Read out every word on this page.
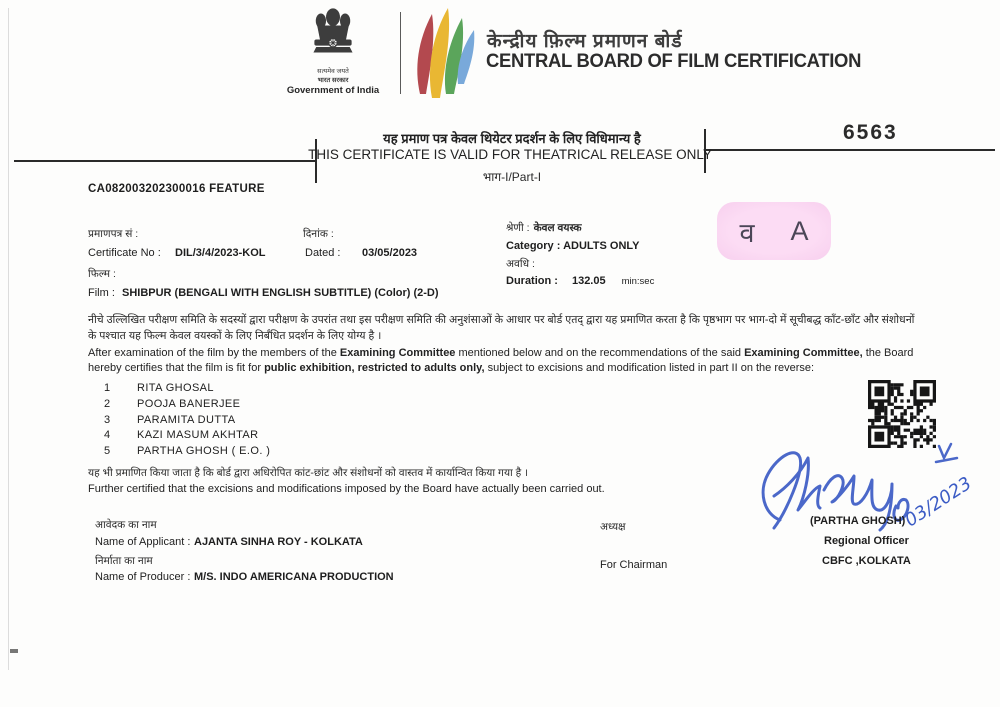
सत्यमेव जयते
भारत सरकार
Government of India
केन्द्रीय फ़िल्म प्रमाणन बोर्ड
CENTRAL BOARD OF FILM CERTIFICATION
यह प्रमाण पत्र केवल थियेटर प्रदर्शन के लिए विधिमान्य है
THIS CERTIFICATE IS VALID FOR THEATRICAL RELEASE ONLY
भाग-I/Part-I
6563
CA082003202300016 FEATURE
प्रमाणपत्र सं :
Certificate No : DIL/3/4/2023-KOL
दिनांक :
Dated : 03/05/2023
फिल्म :
Film : SHIBPUR (BENGALI WITH ENGLISH SUBTITLE) (Color) (2-D)
श्रेणी : केवल वयस्क
Category : ADULTS ONLY
अवधि :
Duration : 132.05 min:sec
व A
नीचे उल्लिखित परीक्षण समिति के सदस्यों द्वारा परीक्षण के उपरांत तथा इस परीक्षण समिति की अनुशंसाओं के आधार पर बोर्ड एतद् द्वारा यह प्रमाणित करता है कि पृष्ठभाग पर भाग-दो में सूचीबद्ध काँट-छाँट और संशोधनों के पश्चात यह फिल्म केवल वयस्कों के लिए निर्बंधित प्रदर्शन के लिए योग्य है ।
After examination of the film by the members of the Examining Committee mentioned below and on the recommendations of the said Examining Committee, the Board hereby certifies that the film is fit for public exhibition, restricted to adults only, subject to excisions and modification listed in part II on the reverse:
1 RITA GHOSAL
2 POOJA BANERJEE
3 PARAMITA DUTTA
4 KAZI MASUM AKHTAR
5 PARTHA GHOSH ( E.O. )
03/2023
यह भी प्रमाणित किया जाता है कि बोर्ड द्वारा अधिरोपित कांट-छांट और संशोधनों को वास्तव में कार्यान्वित किया गया है ।
Further certified that the excisions and modifications imposed by the Board have actually been carried out.
आवेदक का नाम
Name of Applicant : AJANTA SINHA ROY - KOLKATA
निर्माता का नाम
Name of Producer : M/S. INDO AMERICANA PRODUCTION
अध्यक्ष
For Chairman
(PARTHA GHOSH)
Regional Officer
CBFC ,KOLKATA
